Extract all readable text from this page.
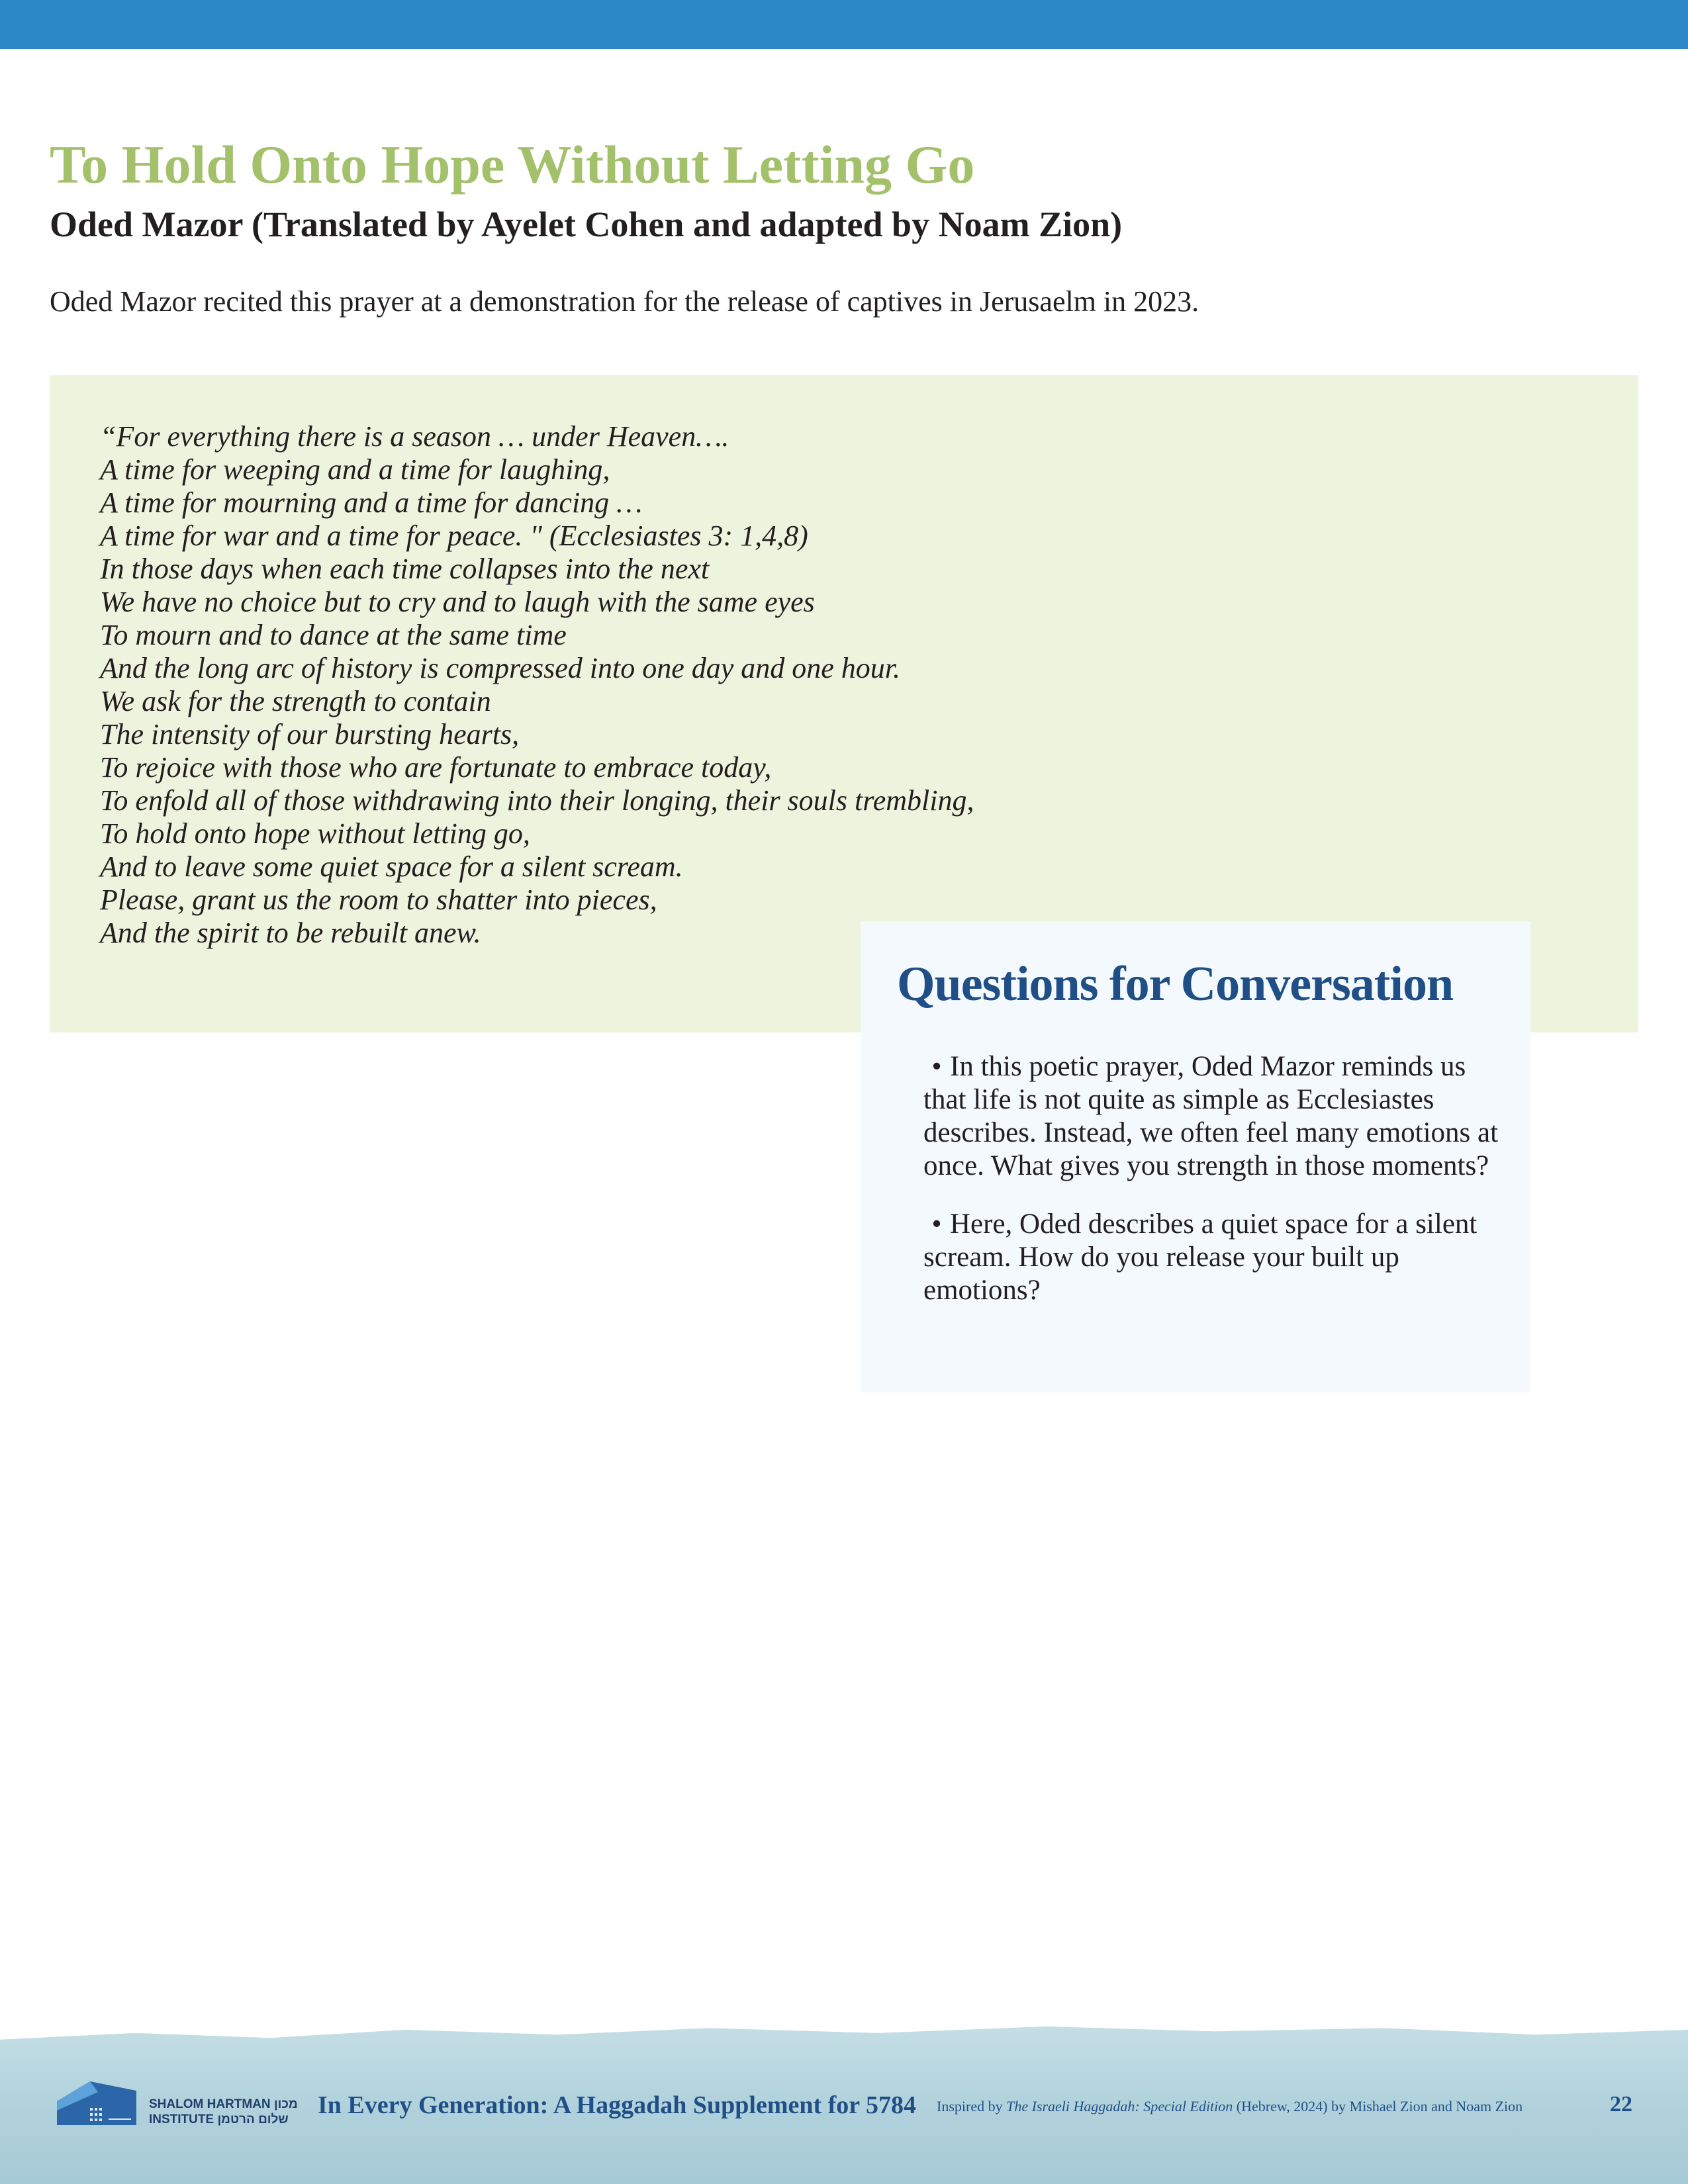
To Hold Onto Hope Without Letting Go
Oded Mazor (Translated by Ayelet Cohen and adapted by Noam Zion)

Oded Mazor recited this prayer at a demonstration for the release of captives in Jerusaelm in 2023.

“For everything there is a season … under Heaven….
A time for weeping and a time for laughing,
A time for mourning and a time for dancing …
A time for war and a time for peace. " (Ecclesiastes 3: 1,4,8)
In those days when each time collapses into the next
We have no choice but to cry and to laugh with the same eyes
To mourn and to dance at the same time
And the long arc of history is compressed into one day and one hour.
We ask for the strength to contain
The intensity of our bursting hearts,
To rejoice with those who are fortunate to embrace today,
To enfold all of those withdrawing into their longing, their souls trembling,
To hold onto hope without letting go,
And to leave some quiet space for a silent scream.
Please, grant us the room to shatter into pieces,
And the spirit to be rebuilt anew.
Questions for Conversation
• In this poetic prayer, Oded Mazor reminds us that life is not quite as simple as Ecclesiastes describes. Instead, we often feel many emotions at once. What gives you strength in those moments?
• Here, Oded describes a quiet space for a silent scream. How do you release your built up emotions?

SHALOM HARTMAN מכון
INSTITUTE שלום הרטמן

In Every Generation: A Haggadah Supplement for 5784 Inspired by The Israeli Haggadah: Special Edition (Hebrew, 2024) by Mishael Zion and Noam Zion	22
